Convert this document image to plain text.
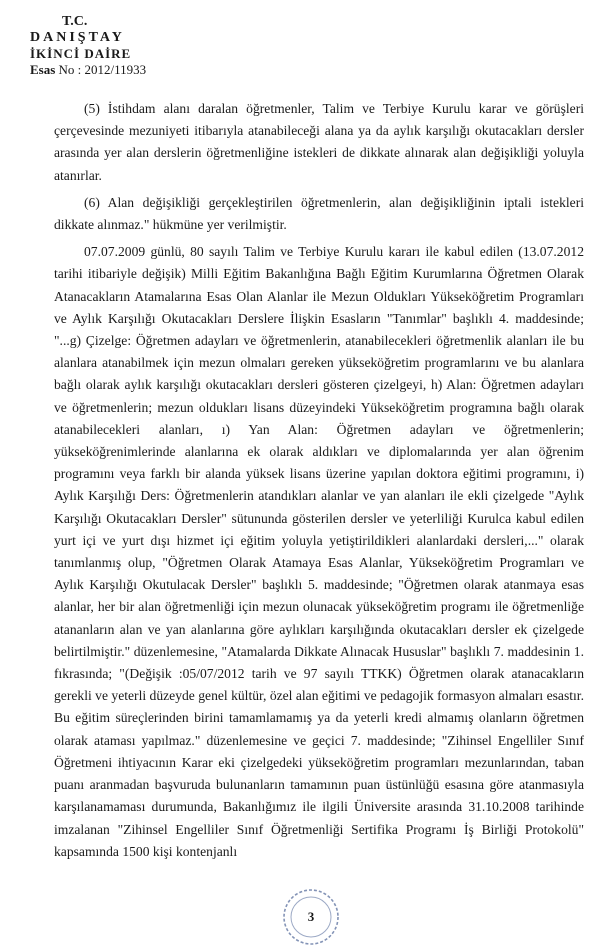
T.C.
DANIŞTAY
İKİNCİ DAİRE
Esas No : 2012/11933

(5) İstihdam alanı daralan öğretmenler, Talim ve Terbiye Kurulu karar ve görüşleri çerçevesinde mezuniyeti itibarıyla atanabileceği alana ya da aylık karşılığı okutacakları dersler arasında yer alan derslerin öğretmenliğine istekleri de dikkate alınarak alan değişikliği yoluyla atanırlar.

(6) Alan değişikliği gerçekleştirilen öğretmenlerin, alan değişikliğinin iptali istekleri dikkate alınmaz." hükmüne yer verilmiştir.

07.07.2009 günlü, 80 sayılı Talim ve Terbiye Kurulu kararı ile kabul edilen (13.07.2012 tarihi itibariyle değişik) Milli Eğitim Bakanlığına Bağlı Eğitim Kurumlarına Öğretmen Olarak Atanacakların Atamalarına Esas Olan Alanlar ile Mezun Oldukları Yükseköğretim Programları ve Aylık Karşılığı Okutacakları Derslere İlişkin Esasların "Tanımlar" başlıklı 4. maddesinde; "...g) Çizelge: Öğretmen adayları ve öğretmenlerin, atanabilecekleri öğretmenlik alanları ile bu alanlara atanabilmek için mezun olmaları gereken yükseköğretim programlarını ve bu alanlara bağlı olarak aylık karşılığı okutacakları dersleri gösteren çizelgeyi, h) Alan: Öğretmen adayları ve öğretmenlerin; mezun oldukları lisans düzeyindeki Yükseköğretim programına bağlı olarak atanabilecekleri alanları, ı) Yan Alan: Öğretmen adayları ve öğretmenlerin; yükseköğrenimlerinde alanlarına ek olarak aldıkları ve diplomalarında yer alan öğrenim programını veya farklı bir alanda yüksek lisans üzerine yapılan doktora eğitimi programını, i) Aylık Karşılığı Ders: Öğretmenlerin atandıkları alanlar ve yan alanları ile ekli çizelgede "Aylık Karşılığı Okutacakları Dersler" sütununda gösterilen dersler ve yeterliliği Kurulca kabul edilen yurt içi ve yurt dışı hizmet içi eğitim yoluyla yetiştirildikleri alanlardaki dersleri,..." olarak tanımlanmış olup, "Öğretmen Olarak Atamaya Esas Alanlar, Yükseköğretim Programları ve Aylık Karşılığı Okutulacak Dersler" başlıklı 5. maddesinde; "Öğretmen olarak atanmaya esas alanlar, her bir alan öğretmenliği için mezun olunacak yükseköğretim programı ile öğretmenliğe atananların alan ve yan alanlarına göre aylıkları karşılığında okutacakları dersler ek çizelgede belirtilmiştir." düzenlemesine, "Atamalarda Dikkate Alınacak Hususlar" başlıklı 7. maddesinin 1. fıkrasında; "(Değişik :05/07/2012 tarih ve 97 sayılı TTKK) Öğretmen olarak atanacakların gerekli ve yeterli düzeyde genel kültür, özel alan eğitimi ve pedagojik formasyon almaları esastır. Bu eğitim süreçlerinden birini tamamlamamış ya da yeterli kredi almamış olanların öğretmen olarak ataması yapılmaz." düzenlemesine ve geçici 7. maddesinde; "Zihinsel Engelliler Sınıf Öğretmeni ihtiyacının Karar eki çizelgedeki yükseköğretim programları mezunlarından, taban puanı aranmadan başvuruda bulunanların tamamının puan üstünlüğü esasına göre atanmasıyla karşılanamaması durumunda, Bakanlığımız ile ilgili Üniversite arasında 31.10.2008 tarihinde imzalanan "Zihinsel Engelliler Sınıf Öğretmenliği Sertifika Programı İş Birliği Protokolü" kapsamında 1500 kişi kontenjanlı

3
